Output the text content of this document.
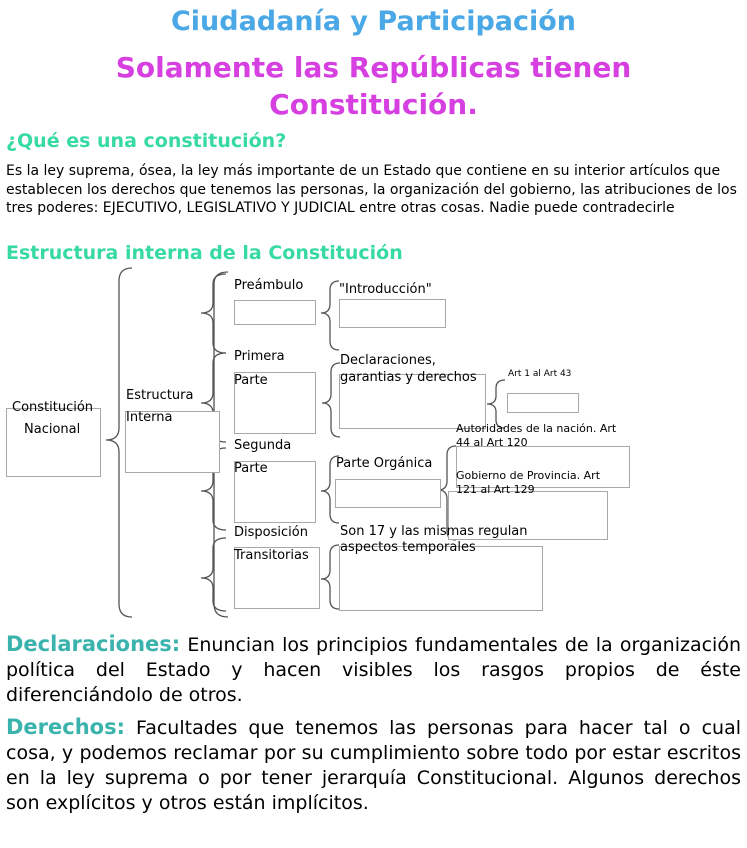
Ciudadanía y Participación
Solamente las Repúblicas tienen
Constitución.
¿Qué es una constitución?
Es la ley suprema, ósea, la ley más importante de un Estado que contiene en su interior artículos que establecen los derechos que tenemos las personas, la organización del gobierno, las atribuciones de los tres poderes: EJECUTIVO, LEGISLATIVO Y JUDICIAL entre otras cosas. Nadie puede contradecirle
Estructura interna de la Constitución
Constitución
Nacional
Estructura
Interna
Preámbulo	"Introducción"
Primera
Parte
Declaraciones,
garantias y derechos	Art 1 al Art 43
Segunda
Parte	Parte Orgánica
Autoridades de la nación. Art
44 al Art 120
Gobierno de Provincia. Art
121 al Art 129
Disposición
Transitorias
Son 17 y las mismas regulan
aspectos temporales
Declaraciones: Enuncian los principios fundamentales de la organización política del Estado y hacen visibles los rasgos propios de éste diferenciándolo de otros.
Derechos: Facultades que tenemos las personas para hacer tal o cual cosa, y podemos reclamar por su cumplimiento sobre todo por estar escritos en la ley suprema o por tener jerarquía Constitucional. Algunos derechos son explícitos y otros están implícitos.
